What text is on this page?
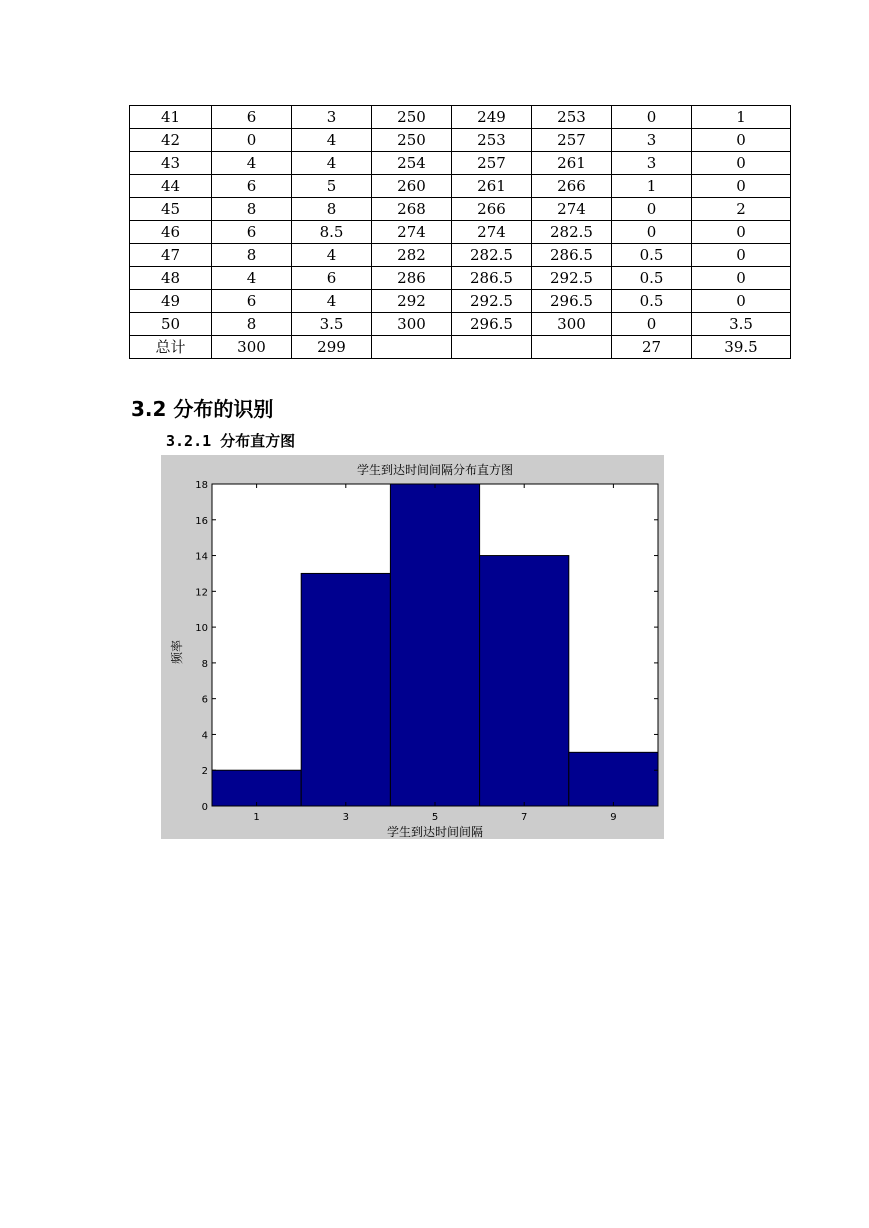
41	6	3	250	249	253	0	1
42	0	4	250	253	257	3	0
43	4	4	254	257	261	3	0
44	6	5	260	261	266	1	0
45	8	8	268	266	274	0	2
46	6	8.5	274	274	282.5	0	0
47	8	4	282	282.5	286.5	0.5	0
48	4	6	286	286.5	292.5	0.5	0
49	6	4	292	292.5	296.5	0.5	0
50	8	3.5	300	296.5	300	0	3.5
总计	300	299				27	39.5
3.2 分布的识别
3.2.1 分布直方图
0
2
4
6
8
10
12
14
16
18
1	3	5	7	9
学生到达时间间隔分布直方图
学生到达时间间隔
频率
